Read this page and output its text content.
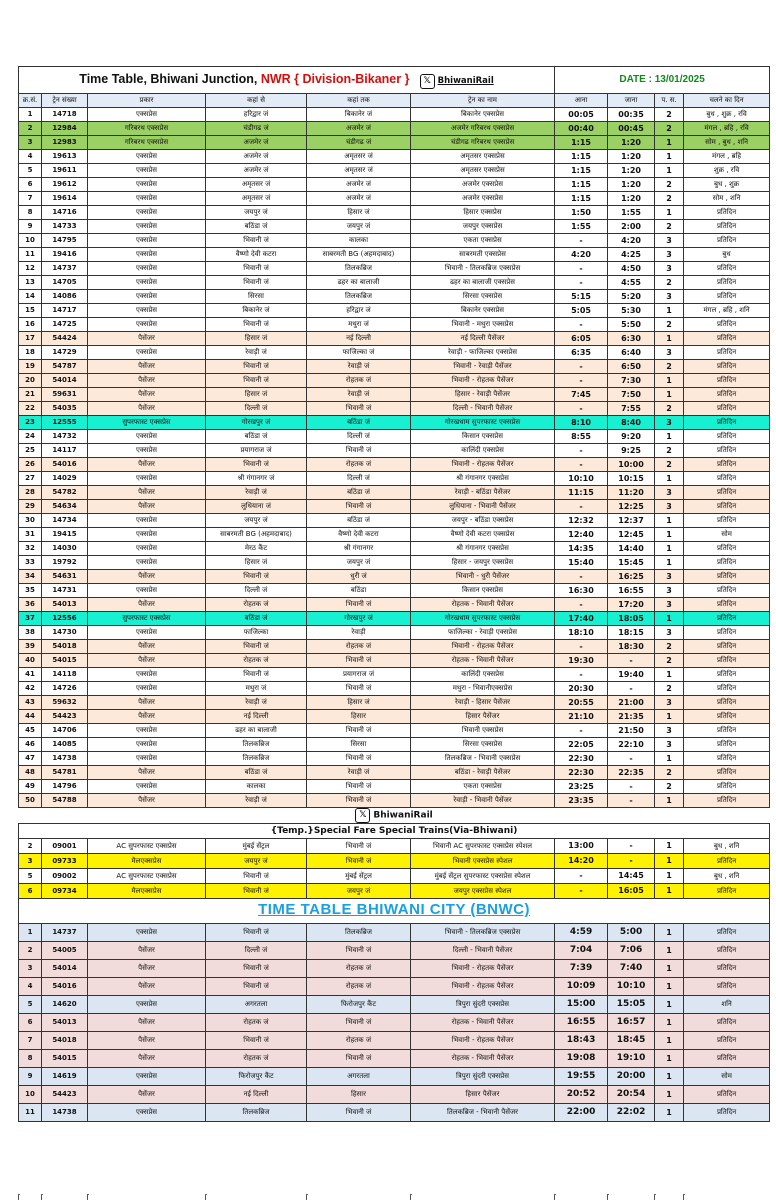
Time Table, Bhiwani Junction, NWR { Division-Bikaner } 𝕏 BhiwaniRail						DATE : 13/01/2025			
क्र.सं.	ट्रेन संख्या	प्रकार	कहां से	कहां तक	ट्रेन का नाम	आना	जाना	प. स.	चलने का दिन
1	14718	एक्सप्रेस	हरिद्वार जं	बिकानेर जं	बिकानेर एक्सप्रेस	00:05	00:35	2	बुध , शुक्र , रवि
2	12984	गरिबरथ एक्सप्रेस	चंडीगढ जं	अजमेर जं	अजमेर गरिबरथ एक्सप्रेस	00:40	00:45	2	मंगल , ब्रहि , रवि
3	12983	गरिबरथ एक्सप्रेस	अजमेर जं	चंडीगढ जं	चंडीगढ गरिबरथ एक्सप्रेस	1:15	1:20	1	सोम , बुध , शनि
4	19613	एक्सप्रेस	अजमेर जं	अमृतसर जं	अमृतसर एक्सप्रेस	1:15	1:20	1	मंगल , ब्रहि
5	19611	एक्सप्रेस	अजमेर जं	अमृतसर जं	अमृतसर एक्सप्रेस	1:15	1:20	1	शुक्र , रवि
6	19612	एक्सप्रेस	अमृतसर जं	अजमेर जं	अजमेर एक्सप्रेस	1:15	1:20	2	बुध , शुक्र
7	19614	एक्सप्रेस	अमृतसर जं	अजमेर जं	अजमेर एक्सप्रेस	1:15	1:20	2	सोम , शनि
8	14716	एक्सप्रेस	जयपुर जं	हिसार जं	हिसार एक्सप्रेस	1:50	1:55	1	प्रतिदिन
9	14733	एक्सप्रेस	बठिंडा जं	जयपुर जं	जयपुर एक्सप्रेस	1:55	2:00	2	प्रतिदिन
10	14795	एक्सप्रेस	भिवानी जं	कालका	एकता एक्सप्रेस	-	4:20	3	प्रतिदिन
11	19416	एक्सप्रेस	वैष्णो देवी कटरा	साबरमती BG (अहमदाबाद)	साबरमती एक्सप्रेस	4:20	4:25	3	बुध
12	14737	एक्सप्रेस	भिवानी जं	तिलकब्रिज	भिवानी - तिलकब्रिज एक्सप्रेस	-	4:50	3	प्रतिदिन
13	14705	एक्सप्रेस	भिवानी जं	ढहर का बालाजी	ढहर का बालाजी एक्सप्रेस	-	4:55	2	प्रतिदिन
14	14086	एक्सप्रेस	सिरसा	तिलकब्रिज	सिरसा एक्सप्रेस	5:15	5:20	3	प्रतिदिन
15	14717	एक्सप्रेस	बिकानेर जं	हरिद्वार जं	बिकानेर एक्सप्रेस	5:05	5:30	1	मंगल , ब्रहि , शनि
16	14725	एक्सप्रेस	भिवानी जं	मथुरा जं	भिवानी - मथुरा एक्सप्रेस	-	5:50	2	प्रतिदिन
17	54424	पैसेंजर	हिसार जं	नई दिल्ली	नई दिल्ली पैसेंजर	6:05	6:30	1	प्रतिदिन
18	14729	एक्सप्रेस	रेवाड़ी जं	फाजिल्का जं	रेवाड़ी - फाजिल्का एक्सप्रेस	6:35	6:40	3	प्रतिदिन
19	54787	पैसेंजर	भिवानी जं	रेवाड़ी जं	भिवानी - रेवाड़ी पैसेंजर	-	6:50	2	प्रतिदिन
20	54014	पैसेंजर	भिवानी जं	रोहतक जं	भिवानी - रोहतक पैसेंजर	-	7:30	1	प्रतिदिन
21	59631	पैसेंजर	हिसार जं	रेवाड़ी जं	हिसार - रेवाड़ी पैसेंजर	7:45	7:50	1	प्रतिदिन
22	54035	पैसेंजर	दिल्ली जं	भिवानी जं	दिल्ली - भिवानी पैसेंजर	-	7:55	2	प्रतिदिन
23	12555	सुपरफास्ट एक्सप्रेस	गोरखपुर जं	बठिंडा जं	गोरखधाम सुपरफास्ट एक्सप्रेस	8:10	8:40	3	प्रतिदिन
24	14732	एक्सप्रेस	बठिंडा जं	दिल्ली जं	किसान एक्सप्रेस	8:55	9:20	1	प्रतिदिन
25	14117	एक्सप्रेस	प्रयागराज जं	भिवानी जं	कालिंदी एक्सप्रेस	-	9:25	2	प्रतिदिन
26	54016	पैसेंजर	भिवानी जं	रोहतक जं	भिवानी - रोहतक पैसेंजर	-	10:00	2	प्रतिदिन
27	14029	एक्सप्रेस	श्री गंगानगर जं	दिल्ली जं	श्री गंगानगर एक्सप्रेस	10:10	10:15	1	प्रतिदिन
28	54782	पैसेंजर	रेवाड़ी जं	बठिंडा जं	रेवाड़ी - बठिंडा पैसेंजर	11:15	11:20	3	प्रतिदिन
29	54634	पैसेंजर	लुधियाना जं	भिवानी जं	लुधियाना - भिवानी पैसेंजर	-	12:25	3	प्रतिदिन
30	14734	एक्सप्रेस	जयपुर जं	बठिंडा जं	जयपुर - बठिंडा एक्सप्रेस	12:32	12:37	1	प्रतिदिन
31	19415	एक्सप्रेस	साबरमती BG (अहमदाबाद)	वैष्णो देवी कटरा	वैष्णो देवी कटरा एक्सप्रेस	12:40	12:45	1	सोम
32	14030	एक्सप्रेस	मेरठ कैंट	श्री गंगानगर	श्री गंगानगर एक्सप्रेस	14:35	14:40	1	प्रतिदिन
33	19792	एक्सप्रेस	हिसार जं	जयपुर जं	हिसार - जयपुर एक्सप्रेस	15:40	15:45	1	प्रतिदिन
34	54631	पैसेंजर	भिवानी जं	धुरी जं	भिवानी - धुरी पैसेंजर	-	16:25	3	प्रतिदिन
35	14731	एक्सप्रेस	दिल्ली जं	बठिंडा	किसान एक्सप्रेस	16:30	16:55	3	प्रतिदिन
36	54013	पैसेंजर	रोहतक जं	भिवानी जं	रोहतक - भिवानी पैसेंजर	-	17:20	3	प्रतिदिन
37	12556	सुपरफास्ट एक्सप्रेस	बठिंडा जं	गोरखपुर जं	गोरखधाम सुपरफास्ट एक्सप्रेस	17:40	18:05	1	प्रतिदिन
38	14730	एक्सप्रेस	फाजिल्का	रेवाड़ी	फाजिल्का - रेवाड़ी एक्सप्रेस	18:10	18:15	3	प्रतिदिन
39	54018	पैसेंजर	भिवानी जं	रोहतक जं	भिवानी - रोहतक पैसेंजर	-	18:30	2	प्रतिदिन
40	54015	पैसेंजर	रोहतक जं	भिवानी जं	रोहतक - भिवानी पैसेंजर	19:30	-	2	प्रतिदिन
41	14118	एक्सप्रेस	भिवानी जं	प्रयागराज जं	कालिंदी एक्सप्रेस	-	19:40	1	प्रतिदिन
42	14726	एक्सप्रेस	मथुरा जं	भिवानी जं	मथुरा - भिवानीएक्सप्रेस	20:30	-	2	प्रतिदिन
43	59632	पैसेंजर	रेवाड़ी जं	हिसार जं	रेवाड़ी - हिसार पैसेंजर	20:55	21:00	3	प्रतिदिन
44	54423	पैसेंजर	नई दिल्ली	हिसार	हिसार पैसेंजर	21:10	21:35	1	प्रतिदिन
45	14706	एक्सप्रेस	ढहर का बालाजी	भिवानी जं	भिवानी एक्सप्रेस	-	21:50	3	प्रतिदिन
46	14085	एक्सप्रेस	तिलकब्रिज	सिरसा	सिरसा एक्सप्रेस	22:05	22:10	3	प्रतिदिन
47	14738	एक्सप्रेस	तिलकब्रिज	भिवानी जं	तिलकब्रिज - भिवानी एक्सप्रेस	22:30	-	1	प्रतिदिन
48	54781	पैसेंजर	बठिंडा जं	रेवाड़ी जं	बठिंडा - रेवाड़ी पैसेंजर	22:30	22:35	2	प्रतिदिन
49	14796	एक्सप्रेस	कालका	भिवानी जं	एकता एक्सप्रेस	23:25	-	2	प्रतिदिन
50	54788	पैसेंजर	रेवाड़ी जं	भिवानी जं	रेवाड़ी - भिवानी पैसेंजर	23:35	-	1	प्रतिदिन
𝕏 BhiwaniRail									
{Temp.}Special Fare Special Trains(Via-Bhiwani)									
2	09001	AC सुपरफास्ट एक्सप्रेस	मुंबई सेंट्रल	भिवानी जं	भिवानी AC सुपरफास्ट एक्सप्रेस स्पेशल	13:00	-	1	बुध , शनि
3	09733	मैलएक्सप्रेस	जयपुर जं	भिवानी जं	भिवानी एक्सप्रेस स्पेशल	14:20	-	1	प्रतिदिन
5	09002	AC सुपरफास्ट एक्सप्रेस	भिवानी जं	मुंबई सेंट्रल	मुंबई सेंट्रल सुपरफास्ट एक्सप्रेस स्पेशल	-	14:45	1	बुध , शनि
6	09734	मैलएक्सप्रेस	भिवानी जं	जयपुर जं	जयपुर एक्सप्रेस स्पेशल	-	16:05	1	प्रतिदिन
TIME TABLE BHIWANI CITY (BNWC)									
1	14737	एक्सप्रेस	भिवानी जं	तिलकब्रिज	भिवानी - तिलकब्रिज एक्सप्रेस	4:59	5:00	1	प्रतिदिन
2	54005	पैसेंजर	दिल्ली जं	भिवानी जं	दिल्ली - भिवानी पैसेंजर	7:04	7:06	1	प्रतिदिन
3	54014	पैसेंजर	भिवानी जं	रोहतक जं	भिवानी - रोहतक पैसेंजर	7:39	7:40	1	प्रतिदिन
4	54016	पैसेंजर	भिवानी जं	रोहतक जं	भिवानी - रोहतक पैसेंजर	10:09	10:10	1	प्रतिदिन
5	14620	एक्सप्रेस	अगरतला	फिरोजपुर कैंट	त्रिपुरा सुंदरी एक्सप्रेस	15:00	15:05	1	शनि
6	54013	पैसेंजर	रोहतक जं	भिवानी जं	रोहतक - भिवानी पैसेंजर	16:55	16:57	1	प्रतिदिन
7	54018	पैसेंजर	भिवानी जं	रोहतक जं	भिवानी - रोहतक पैसेंजर	18:43	18:45	1	प्रतिदिन
8	54015	पैसेंजर	रोहतक जं	भिवानी जं	रोहतक - भिवानी पैसेंजर	19:08	19:10	1	प्रतिदिन
9	14619	एक्सप्रेस	फिरोजपुर कैंट	अगरतला	त्रिपुरा सुंदरी एक्सप्रेस	19:55	20:00	1	सोम
10	54423	पैसेंजर	नई दिल्ली	हिसार	हिसार पैसेंजर	20:52	20:54	1	प्रतिदिन
11	14738	एक्सप्रेस	तिलकब्रिज	भिवानी जं	तिलकब्रिज - भिवानी पैसेंजर	22:00	22:02	1	प्रतिदिन
